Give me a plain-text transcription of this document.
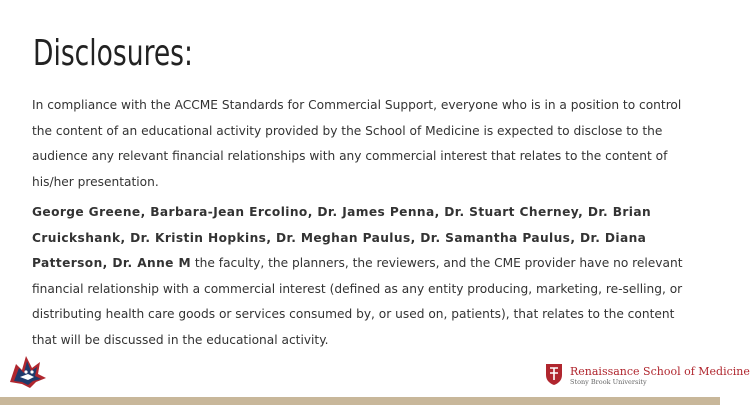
Disclosures:

In compliance with the ACCME Standards for Commercial Support, everyone who is in a position to control the content of an educational activity provided by the School of Medicine is expected to disclose to the audience any relevant financial relationships with any commercial interest that relates to the content of his/her presentation.

George Greene, Barbara-Jean Ercolino, Dr. James Penna, Dr. Stuart Cherney, Dr. Brian Cruickshank, Dr. Kristin Hopkins, Dr. Meghan Paulus, Dr. Samantha Paulus, Dr. Diana Patterson, Dr. Anne M the faculty, the planners, the reviewers, and the CME provider have no relevant financial relationship with a commercial interest (defined as any entity producing, marketing, re-selling, or distributing health care goods or services consumed by, or used on, patients), that relates to the content that will be discussed in the educational activity.

Renaissance School of Medicine
Stony Brook University
